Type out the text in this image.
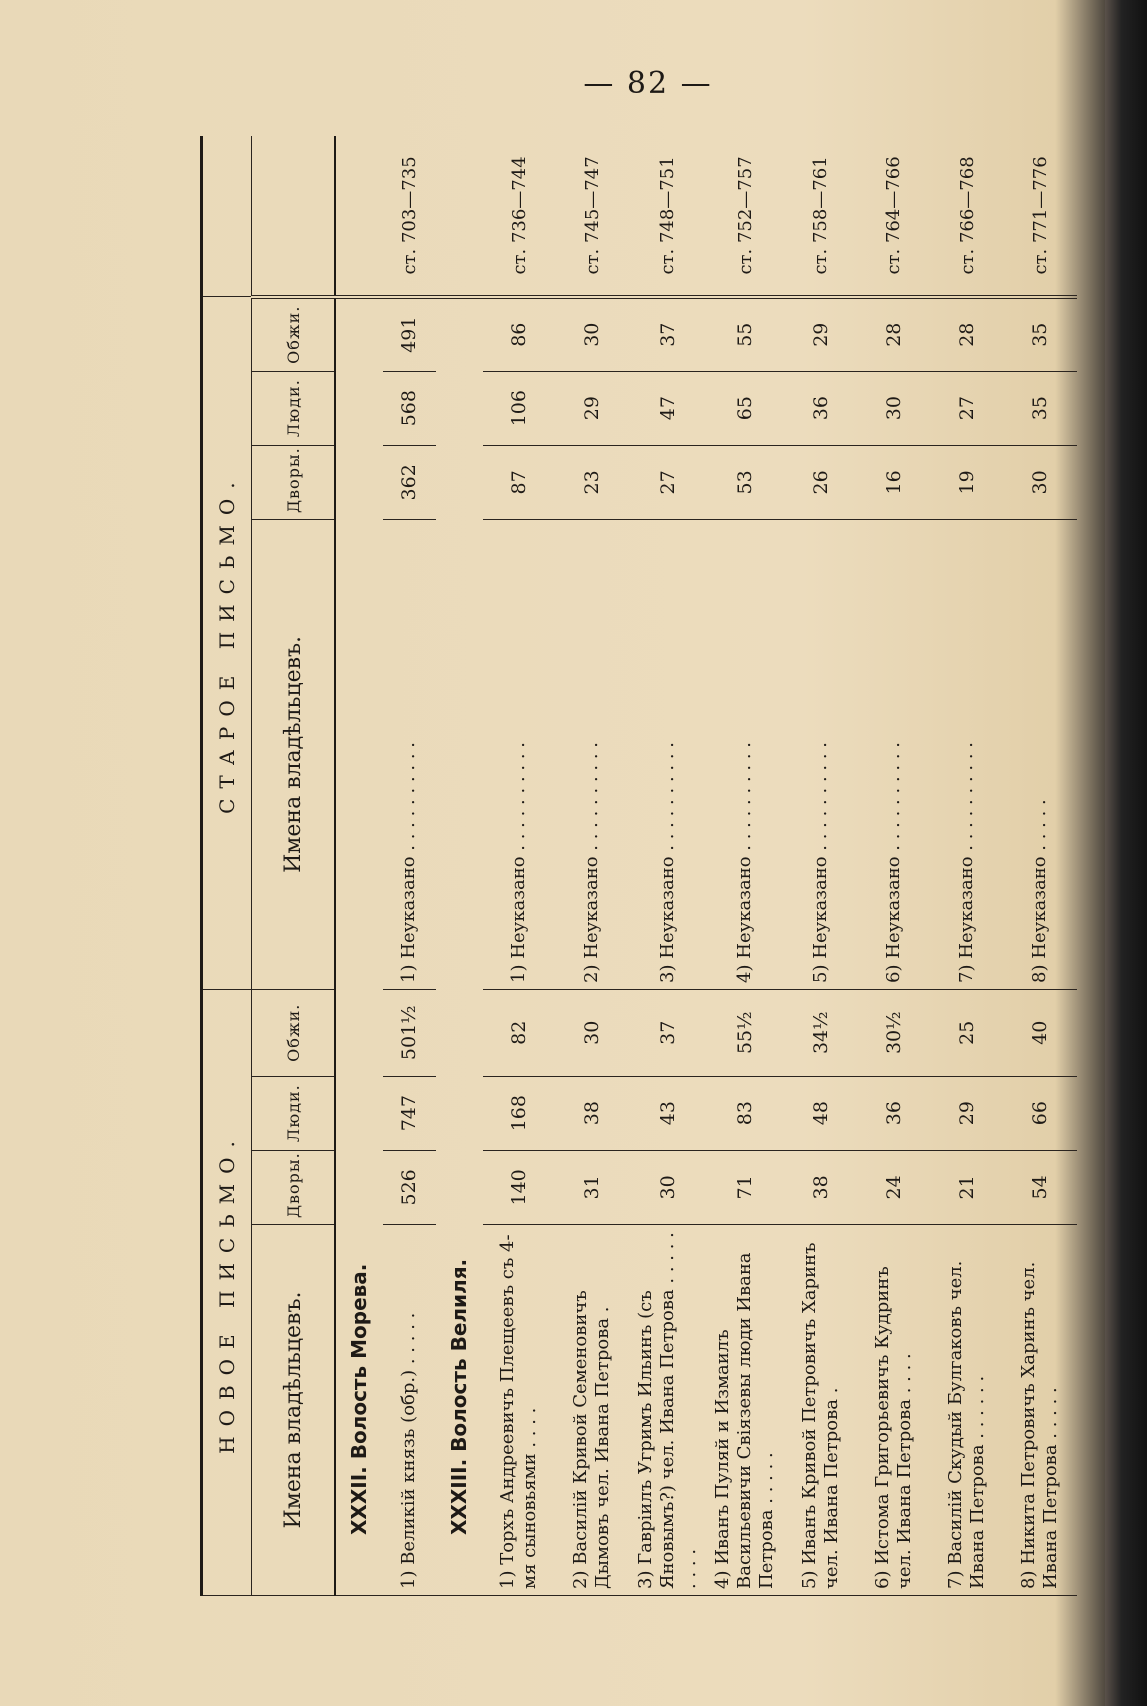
— 82 —
НОВОЕ ПИСЬМО.				СТАРОЕ ПИСЬМО.				
Имена владѣльцевъ.	Дворы.	Люди.	Обжи.	Имена владѣльцевъ.	Дворы.	Люди.	Обжи.	
XXXII. Волость Морева.								
1) Великій князь (обр.) . . . . .	526	747	501½	1) Неуказано . . . . . . . . . .	362	568	491	ст. 703—735
XXXIII. Волость Велиля.								
1) Торхъ Андреевичъ Плещеевъ съ 4-мя сыновьями . . . .	140	168	82	1) Неуказано . . . . . . . . . .	87	106	86	ст. 736—744
2) Василій Кривой Семеновичъ Дымовъ чел. Ивана Петрова .	31	38	30	2) Неуказано . . . . . . . . . .	23	29	30	ст. 745—747
3) Гавріилъ Угримъ Ильинъ (съ Яновымъ?) чел. Ивана Петрова . . . . . . . . .	30	43	37	3) Неуказано . . . . . . . . . .	27	47	37	ст. 748—751
4) Иванъ Пуляй и Измаилъ Васильевичи Свіязевы люди Ивана Петрова . . . . .	71	83	55½	4) Неуказано . . . . . . . . . .	53	65	55	ст. 752—757
5) Иванъ Кривой Петровичъ Хаpинъ чел. Ивана Петрова .	38	48	34½	5) Неуказано . . . . . . . . . .	26	36	29	ст. 758—761
6) Истома Григорьевичъ Кудринъ чел. Ивана Петрова . . . .	24	36	30½	6) Неуказано . . . . . . . . . .	16	30	28	ст. 764—766
7) Василій Скудый Булгаковъ чел. Ивана Петрова . . . . . .	21	29	25	7) Неуказано . . . . . . . . . .	19	27	28	ст. 766—768
8) Никита Петровичъ Харинъ чел. Ивана Петрова . . . . .	54	66	40	8) Неуказано . . . . .	30	35	35	ст. 771—776
